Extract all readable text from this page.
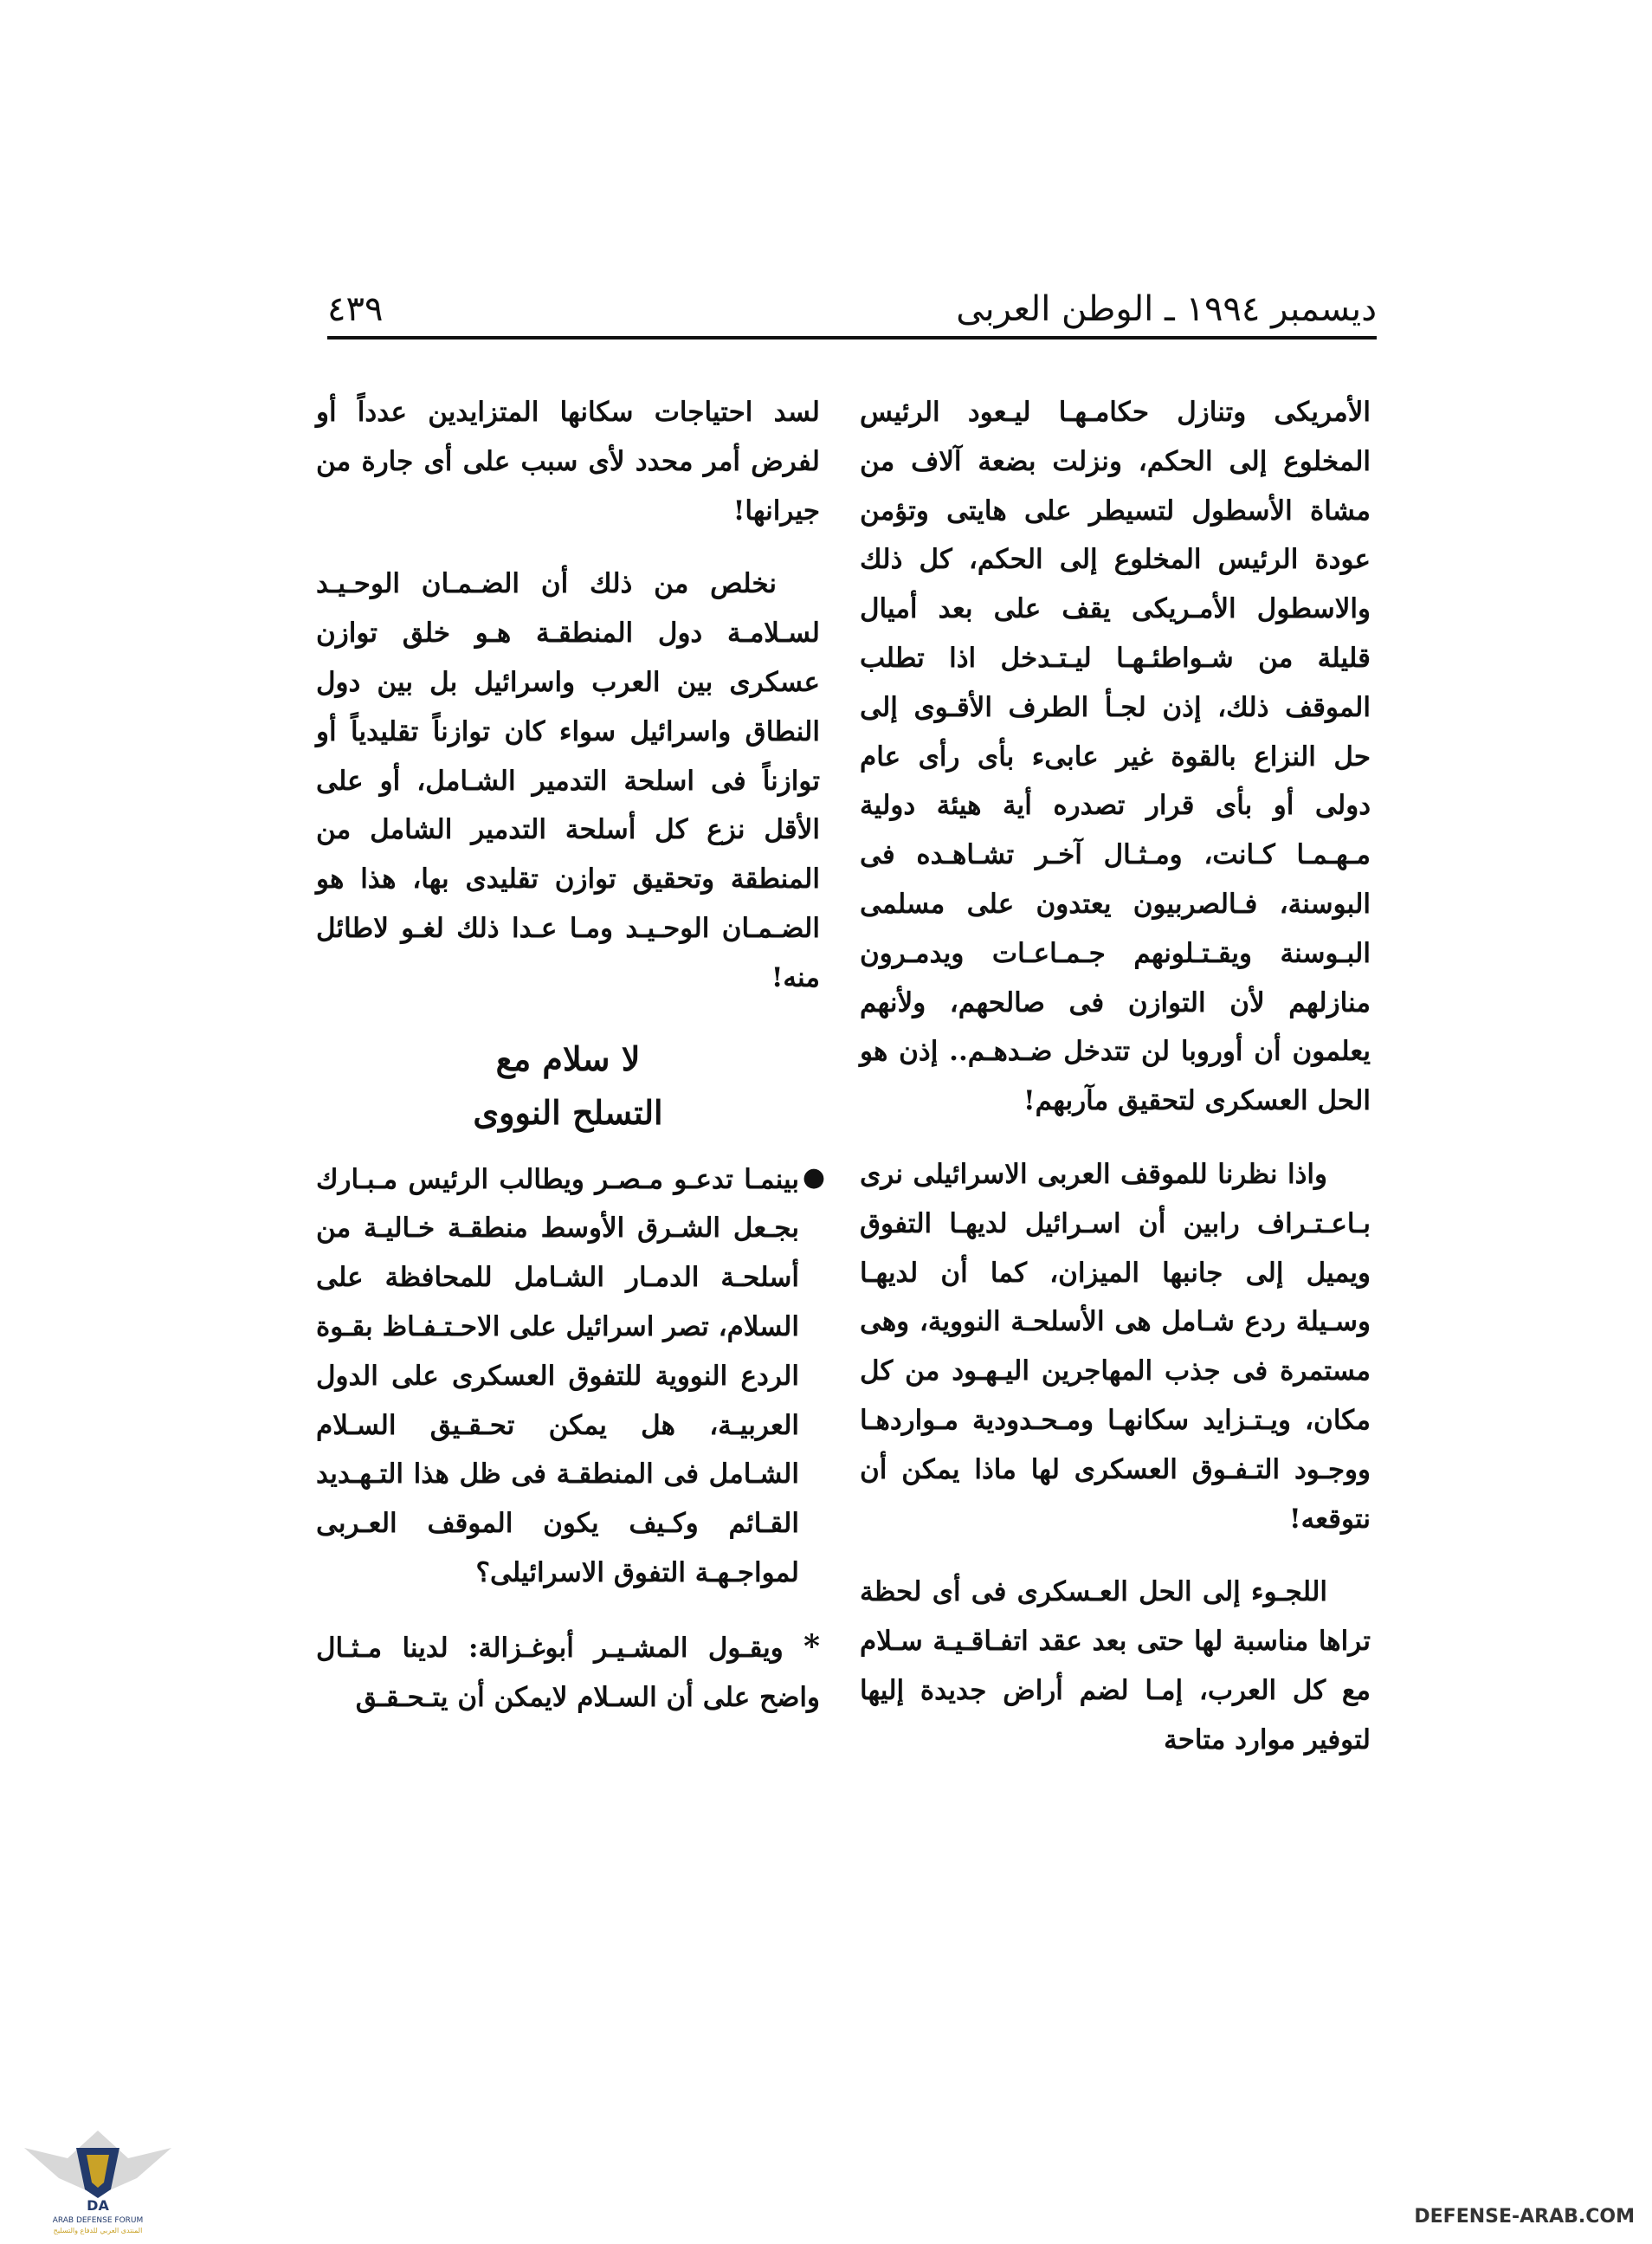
ديسمبر ١٩٩٤ ـ الوطن العربى
٤٣٩

الأمريكى وتنازل حكامـهـا ليـعود الرئيس المخلوع إلى الحكم، ونزلت بضعة آلاف من مشاة الأسطول لتسيطر على هايتى وتؤمن عودة الرئيس المخلوع إلى الحكم، كل ذلك والاسطول الأمـريكى يقف على بعد أميال قليلة من شـواطئـهـا ليـتـدخل اذا تطلب الموقف ذلك، إذن لجـأ الطرف الأقـوى إلى حل النزاع بالقوة غير عابىء بأى رأى عام دولى أو بأى قرار تصدره أية هيئة دولية مـهـمـا كـانت، ومـثـال آخـر تشـاهـده فى البوسنة، فـالصربيون يعتدون على مسلمى البـوسنة ويقـتـلونهم جـمـاعـات ويدمـرون منازلهم لأن التوازن فى صالحهم، ولأنهم يعلمون أن أوروبا لن تتدخل ضـدهـم.. إذن هو الحل العسكرى لتحقيق مآربهم!

واذا نظرنا للموقف العربى الاسرائيلى نرى بـاعـتـراف رابين أن اسـرائيل لديهـا التفوق ويميل إلى جانبها الميزان، كما أن لديهـا وسـيلة ردع شـامل هى الأسلحـة النووية، وهى مستمرة فى جذب المهاجرين اليـهـود من كل مكان، ويـتـزايد سكانهـا ومـحـدودية مـواردهـا ووجـود التـفـوق العسكرى لها ماذا يمكن أن نتوقعه!

اللجـوء إلى الحل العـسكرى فى أى لحظة تراها مناسبة لها حتى بعد عقد اتفـاقـيـة سـلام مع كل العرب، إمـا لضم أراض جديدة إليها لتوفير موارد متاحة

لسد احتياجات سكانها المتزايدين عدداً أو لفرض أمر محدد لأى سبب على أى جارة من جيرانها!

نخلص من ذلك أن الضـمـان الوحـيـد لسـلامـة دول المنطقـة هـو خلق توازن عسكرى بين العرب واسرائيل بل بين دول النطاق واسرائيل سواء كان توازناً تقليدياً أو توازناً فى اسلحة التدمير الشـامل، أو على الأقل نزع كل أسلحة التدمير الشامل من المنطقة وتحقيق توازن تقليدى بها، هذا هو الضـمـان الوحـيـد ومـا عـدا ذلك لغـو لاطائل منه!

لا سلام مع
التسلح النووى

●
بينمـا تدعـو مـصـر ويطالب الرئيس مـبـارك بجـعل الشـرق الأوسط منطقـة خـاليـة من أسلحـة الدمـار الشـامل للمحافظة على السلام، تصر اسرائيل على الاحـتـفـاظ بقـوة الردع النووية للتفوق العسكرى على الدول العربيـة، هل يمكن تحـقـيق السـلام الشـامل فى المنطقـة فى ظل هذا التـهـديد القـائم وكـيف يكون الموقف العـربى لمواجـهـة التفوق الاسرائيلى؟

* ويقـول المشـيـر أبوغـزالة: لدينا مـثـال واضح على أن السـلام لايمكن أن يتـحـقـق

DA
ARAB DEFENSE FORUM
المنتدى العربي للدفاع والتسليح
DEFENSE-ARAB.COM
